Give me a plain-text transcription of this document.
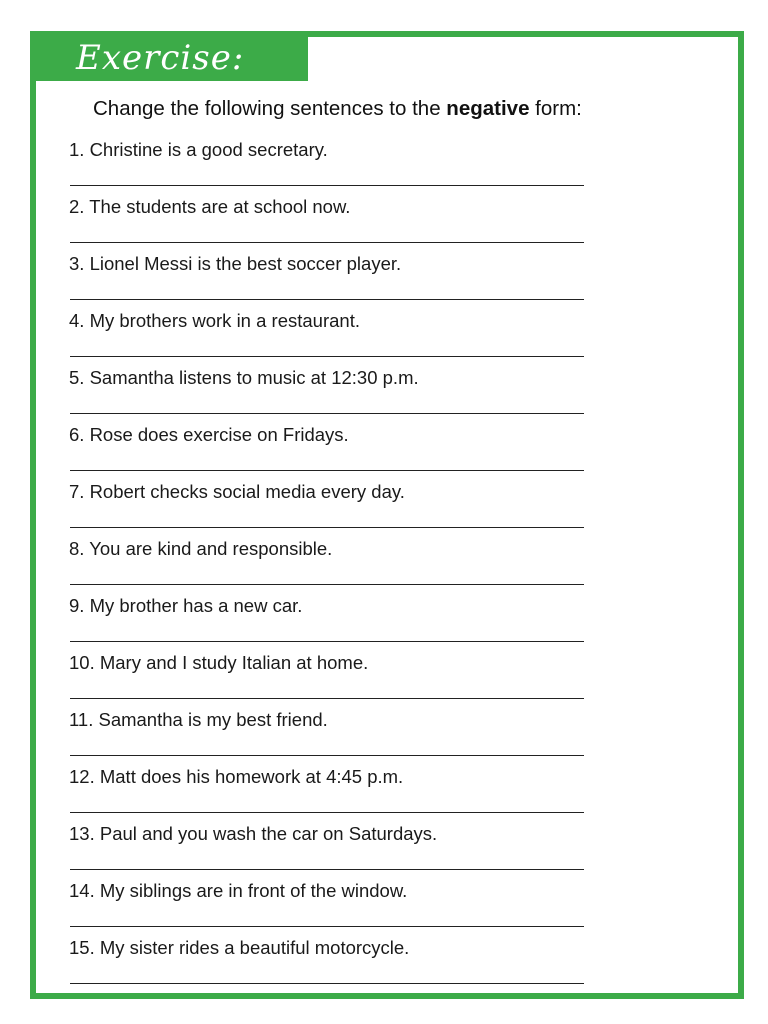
Exercise:
Change the following sentences to the negative form:
1. Christine is a good secretary.
2. The students are at school now.
3. Lionel Messi is the best soccer player.
4. My brothers work in a restaurant.
5. Samantha listens to music at 12:30 p.m.
6. Rose does exercise on Fridays.
7. Robert checks social media every day.
8. You are kind and responsible.
9. My brother has a new car.
10. Mary and I study Italian at home.
11. Samantha is my best friend.
12. Matt does his homework at 4:45 p.m.
13. Paul and you wash the car on Saturdays.
14. My siblings are in front of the window.
15. My sister rides a beautiful motorcycle.
